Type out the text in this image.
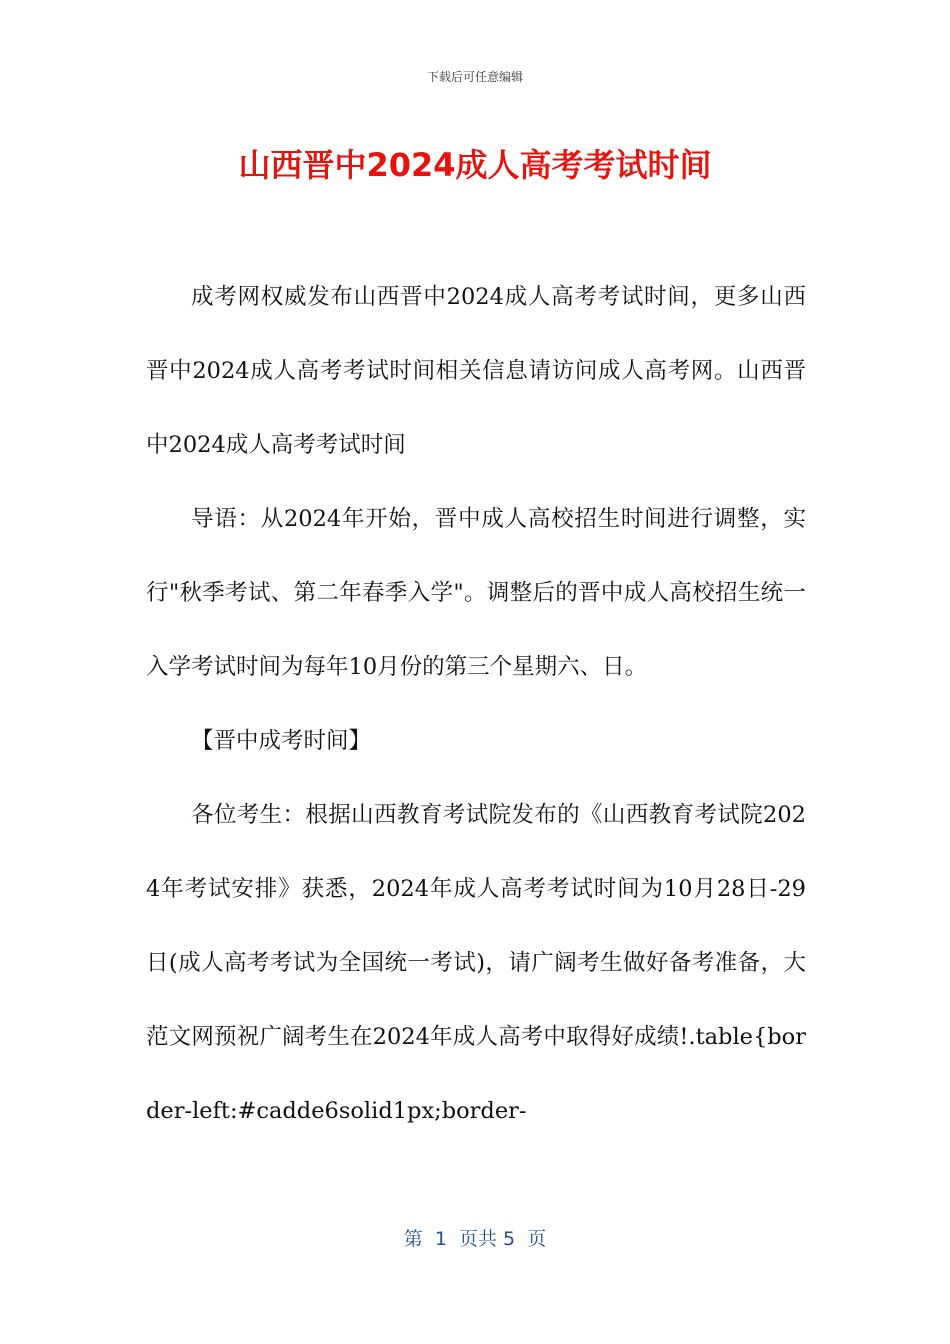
下载后可任意编辑
山西晋中2024成人高考考试时间

成考网权威发布山西晋中2024成人高考考试时间，更多山西晋中2024成人高考考试时间相关信息请访问成人高考网。山西晋中2024成人高考考试时间

导语：从2024年开始，晋中成人高校招生时间进行调整，实行"秋季考试、第二年春季入学"。调整后的晋中成人高校招生统一入学考试时间为每年10月份的第三个星期六、日。

【晋中成考时间】

各位考生：根据山西教育考试院发布的《山西教育考试院2024年考试安排》获悉，2024年成人高考考试时间为10月28日-29日(成人高考考试为全国统一考试)，请广阔考生做好备考准备，大范文网预祝广阔考生在2024年成人高考中取得好成绩!.table{border-left:#cadde6solid1px;border-

第  1  页共 5  页
